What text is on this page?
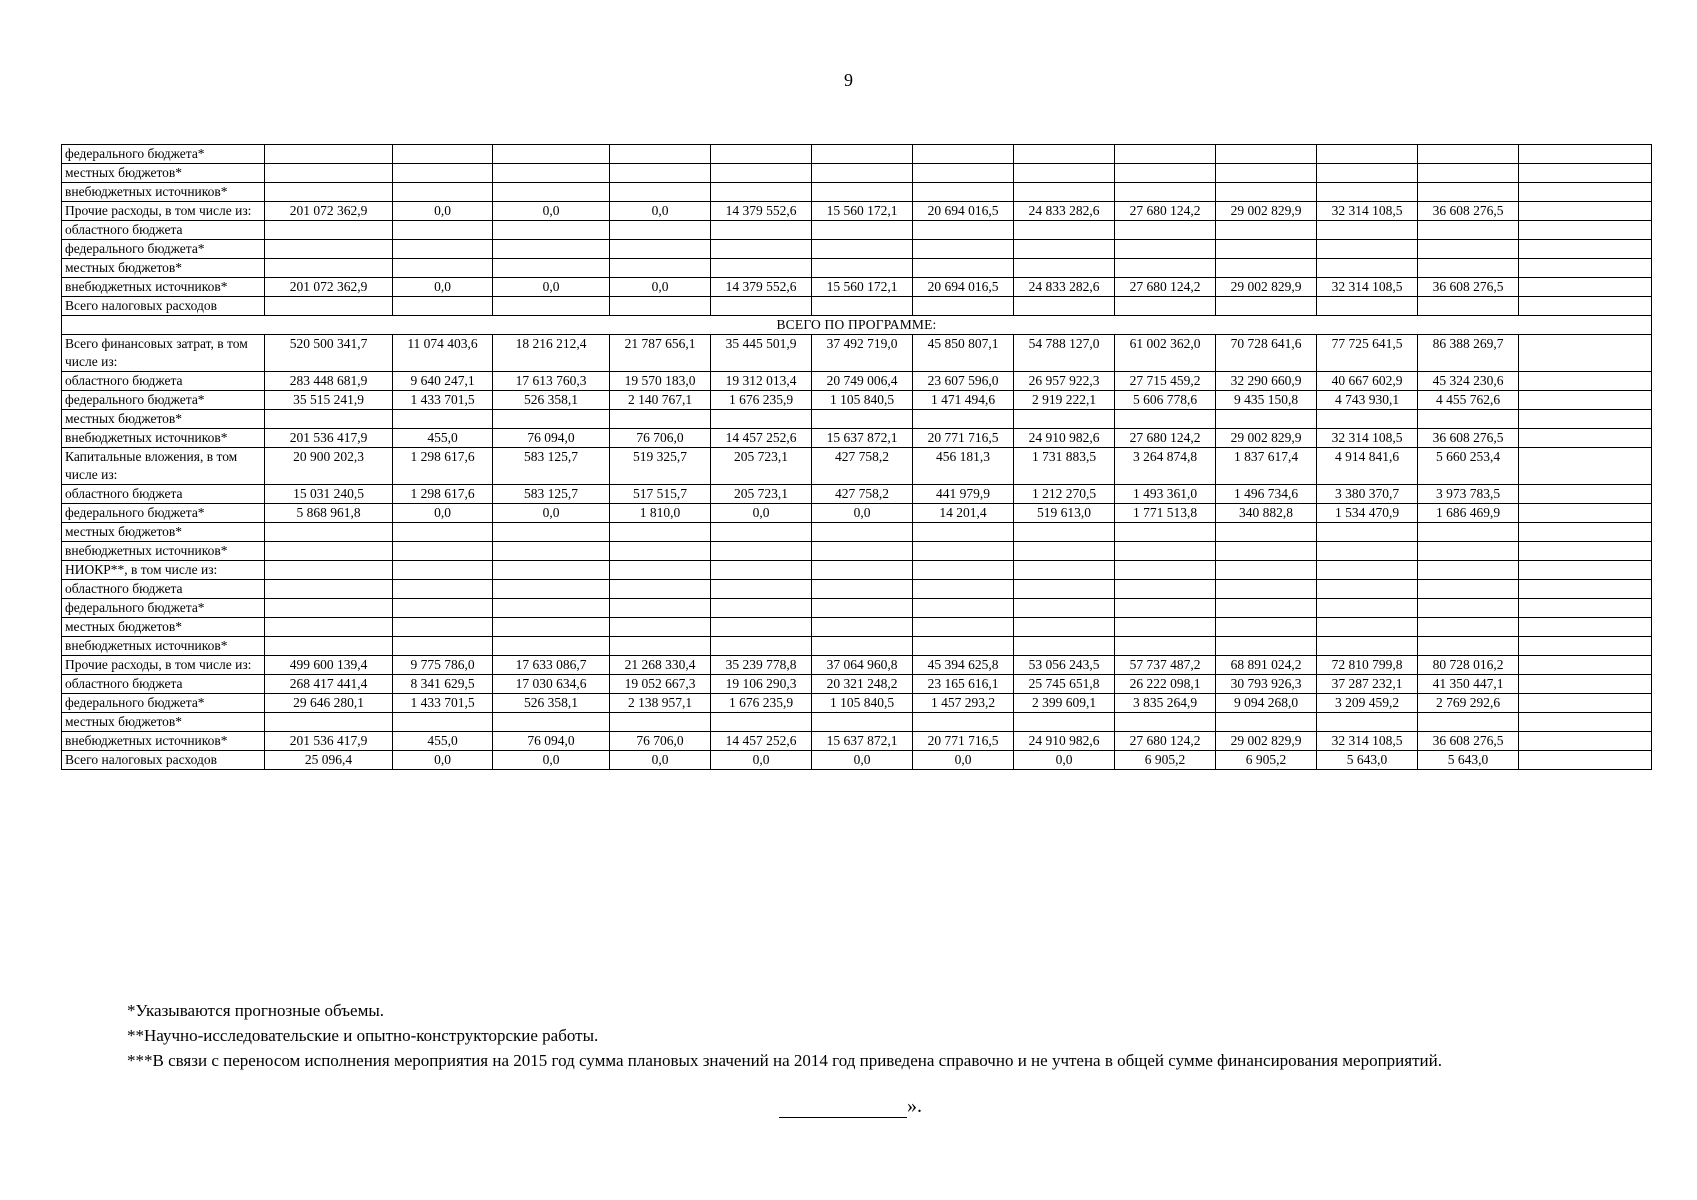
9
федерального бюджета*													
местных бюджетов*													
внебюджетных источников*													
Прочие расходы, в том числе из:	201 072 362,9	0,0	0,0	0,0	14 379 552,6	15 560 172,1	20 694 016,5	24 833 282,6	27 680 124,2	29 002 829,9	32 314 108,5	36 608 276,5	
областного бюджета													
федерального бюджета*													
местных бюджетов*													
внебюджетных источников*	201 072 362,9	0,0	0,0	0,0	14 379 552,6	15 560 172,1	20 694 016,5	24 833 282,6	27 680 124,2	29 002 829,9	32 314 108,5	36 608 276,5	
Всего налоговых расходов													
ВСЕГО ПО ПРОГРАММЕ:													
Всего финансовых затрат, в том числе из:	520 500 341,7	11 074 403,6	18 216 212,4	21 787 656,1	35 445 501,9	37 492 719,0	45 850 807,1	54 788 127,0	61 002 362,0	70 728 641,6	77 725 641,5	86 388 269,7	
областного бюджета	283 448 681,9	9 640 247,1	17 613 760,3	19 570 183,0	19 312 013,4	20 749 006,4	23 607 596,0	26 957 922,3	27 715 459,2	32 290 660,9	40 667 602,9	45 324 230,6	
федерального бюджета*	35 515 241,9	1 433 701,5	526 358,1	2 140 767,1	1 676 235,9	1 105 840,5	1 471 494,6	2 919 222,1	5 606 778,6	9 435 150,8	4 743 930,1	4 455 762,6	
местных бюджетов*													
внебюджетных источников*	201 536 417,9	455,0	76 094,0	76 706,0	14 457 252,6	15 637 872,1	20 771 716,5	24 910 982,6	27 680 124,2	29 002 829,9	32 314 108,5	36 608 276,5	
Капитальные вложения, в том числе из:	20 900 202,3	1 298 617,6	583 125,7	519 325,7	205 723,1	427 758,2	456 181,3	1 731 883,5	3 264 874,8	1 837 617,4	4 914 841,6	5 660 253,4	
областного бюджета	15 031 240,5	1 298 617,6	583 125,7	517 515,7	205 723,1	427 758,2	441 979,9	1 212 270,5	1 493 361,0	1 496 734,6	3 380 370,7	3 973 783,5	
федерального бюджета*	5 868 961,8	0,0	0,0	1 810,0	0,0	0,0	14 201,4	519 613,0	1 771 513,8	340 882,8	1 534 470,9	1 686 469,9	
местных бюджетов*													
внебюджетных источников*													
НИОКР**, в том числе из:													
областного бюджета													
федерального бюджета*													
местных бюджетов*													
внебюджетных источников*													
Прочие расходы, в том числе из:	499 600 139,4	9 775 786,0	17 633 086,7	21 268 330,4	35 239 778,8	37 064 960,8	45 394 625,8	53 056 243,5	57 737 487,2	68 891 024,2	72 810 799,8	80 728 016,2	
областного бюджета	268 417 441,4	8 341 629,5	17 030 634,6	19 052 667,3	19 106 290,3	20 321 248,2	23 165 616,1	25 745 651,8	26 222 098,1	30 793 926,3	37 287 232,1	41 350 447,1	
федерального бюджета*	29 646 280,1	1 433 701,5	526 358,1	2 138 957,1	1 676 235,9	1 105 840,5	1 457 293,2	2 399 609,1	3 835 264,9	9 094 268,0	3 209 459,2	2 769 292,6	
местных бюджетов*													
внебюджетных источников*	201 536 417,9	455,0	76 094,0	76 706,0	14 457 252,6	15 637 872,1	20 771 716,5	24 910 982,6	27 680 124,2	29 002 829,9	32 314 108,5	36 608 276,5	
Всего налоговых расходов	25 096,4	0,0	0,0	0,0	0,0	0,0	0,0	0,0	6 905,2	6 905,2	5 643,0	5 643,0	

*Указываются прогнозные объемы.

**Научно-исследовательские и опытно-конструкторские работы.

***В связи с переносом исполнения мероприятия на 2015 год сумма плановых значений на 2014 год приведена справочно и не учтена в общей сумме финансирования мероприятий.

».
